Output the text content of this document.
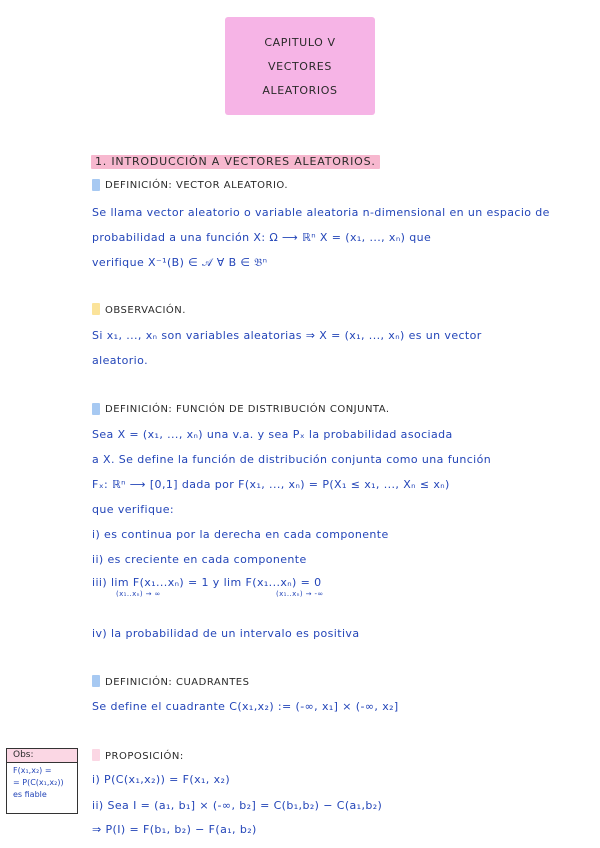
CAPITULO V
VECTORES
ALEATORIOS
1. INTRODUCCIÓN A VECTORES ALEATORIOS.
DEFINICIÓN: VECTOR ALEATORIO.
Se llama vector aleatorio o variable aleatoria n-dimensional en un espacio de
probabilidad a una función X: Ω ⟶ ℝⁿ X = (x₁, ..., xₙ) que
verifique X⁻¹(B) ∈ 𝒜 ∀ B ∈ 𝔅ⁿ
OBSERVACIÓN.
Si x₁, ..., xₙ son variables aleatorias ⇒ X = (x₁, ..., xₙ) es un vector
aleatorio.
DEFINICIÓN: FUNCIÓN DE DISTRIBUCIÓN CONJUNTA.
Sea X = (x₁, ..., xₙ) una v.a. y sea Pₓ la probabilidad asociada
a X. Se define la función de distribución conjunta como una función
Fₓ: ℝⁿ ⟶ [0,1] dada por F(x₁, ..., xₙ) = P(X₁ ≤ x₁, ..., Xₙ ≤ xₙ)
que verifique:
i) es continua por la derecha en cada componente
ii) es creciente en cada componente
iii) lim F(x₁...xₙ) = 1 y lim F(x₁...xₙ) = 0
(x₁..xₙ) → ∞	(x₁..xₙ) → -∞
iv) la probabilidad de un intervalo es positiva
DEFINICIÓN: CUADRANTES
Se define el cuadrante C(x₁,x₂) := (-∞, x₁] × (-∞, x₂]
PROPOSICIÓN:
i) P(C(x₁,x₂)) = F(x₁, x₂)
ii) Sea I = (a₁, b₁] × (-∞, b₂] = C(b₁,b₂) − C(a₁,b₂)
⇒ P(I) = F(b₁, b₂) − F(a₁, b₂)
Obs:
F(x₁,x₂) =
= P(C(x₁,x₂))
es fiable
